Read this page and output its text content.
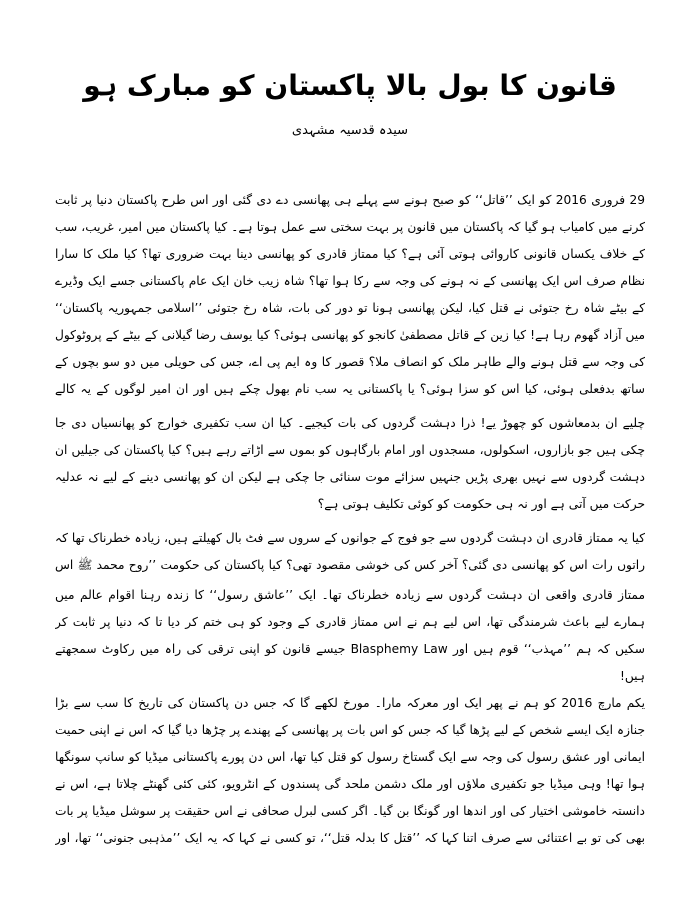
قانون کا بول بالا پاکستان کو مبارک ہو
سیدہ قدسیہ مشہدی

29 فروری 2016 کو ایک ’’قاتل‘‘ کو صبح ہونے سے پہلے ہی پھانسی دے دی گئی اور اس طرح پاکستان دنیا پر ثابت کرنے میں کامیاب ہو گیا کہ پاکستان میں قانون پر بہت سختی سے عمل ہوتا ہے۔ کیا پاکستان میں امیر، غریب، سب کے خلاف یکساں قانونی کاروائی ہوتی آئی ہے؟ کیا ممتاز قادری کو پھانسی دینا بہت ضروری تھا؟ کیا ملک کا سارا نظام صرف اس ایک پھانسی کے نہ ہونے کی وجہ سے رکا ہوا تھا؟ شاہ زیب خان ایک عام پاکستانی جسے ایک وڈیرے کے بیٹے شاہ رخ جتوئی نے قتل کیا، لیکن پھانسی ہونا تو دور کی بات، شاہ رخ جتوئی ’’اسلامی جمہوریہ پاکستان‘‘ میں آزاد گھوم رہا ہے! کیا زین کے قاتل مصطفیٰ کانجو کو پھانسی ہوئی؟ کیا یوسف رضا گیلانی کے بیٹے کے پروٹوکول کی وجہ سے قتل ہونے والے طاہر ملک کو انصاف ملا؟ قصور کا وہ ایم پی اے، جس کی حویلی میں دو سو بچوں کے ساتھ بدفعلی ہوئی، کیا اس کو سزا ہوئی؟ یا پاکستانی یہ سب نام بھول چکے ہیں اور ان امیر لوگوں کے یہ کالے

چلیے ان بدمعاشوں کو چھوڑ یے! ذرا دہشت گردوں کی بات کیجیے۔ کیا ان سب تکفیری خوارج کو پھانسیاں دی جا چکی ہیں جو بازاروں، اسکولوں، مسجدوں اور امام بارگاہوں کو بموں سے اڑاتے رہے ہیں؟ کیا پاکستان کی جیلیں ان دہشت گردوں سے نہیں بھری پڑیں جنہیں سزائے موت سنائی جا چکی ہے لیکن ان کو پھانسی دینے کے لیے نہ عدلیہ حرکت میں آتی ہے اور نہ ہی حکومت کو کوئی تکلیف ہوتی ہے؟

کیا یہ ممتاز قادری ان دہشت گردوں سے جو فوج کے جوانوں کے سروں سے فٹ بال کھیلتے ہیں، زیادہ خطرناک تھا کہ راتوں رات اس کو پھانسی دی گئی؟ آخر کس کی خوشی مقصود تھی؟ کیا پاکستان کی حکومت ’’روح محمد ﷺ اس

ممتاز قادری واقعی ان دہشت گردوں سے زیادہ خطرناک تھا۔ ایک ’’عاشق رسول‘‘ کا زندہ رہنا اقوام عالم میں ہمارے لیے باعث شرمندگی تھا، اس لیے ہم نے اس ممتاز قادری کے وجود کو ہی ختم کر دیا تا کہ دنیا پر ثابت کر سکیں کہ ہم ’’مہذب‘‘ قوم ہیں اور Blasphemy Law جیسے قانون کو اپنی ترقی کی راہ میں رکاوٹ سمجھتے ہیں!

یکم مارچ 2016 کو ہم نے پھر ایک اور معرکہ مارا۔ مورخ لکھے گا کہ جس دن پاکستان کی تاریخ کا سب سے بڑا جنازہ ایک ایسے شخص کے لیے پڑھا گیا کہ جس کو اس بات پر پھانسی کے پھندے پر چڑھا دیا گیا کہ اس نے اپنی حمیت ایمانی اور عشق رسول کی وجہ سے ایک گستاخ رسول کو قتل کیا تھا، اس دن پورے پاکستانی میڈیا کو سانپ سونگھا ہوا تھا! وہی میڈیا جو تکفیری ملاؤں اور ملک دشمن ملحد گی پسندوں کے انٹرویو، کئی کئی گھنٹے چلاتا ہے، اس نے دانستہ خاموشی اختیار کی اور اندھا اور گونگا بن گیا۔ اگر کسی لبرل صحافی نے اس حقیقت پر سوشل میڈیا پر بات بھی کی تو بے اعتنائی سے صرف اتنا کہا کہ ’’قتل کا بدلہ قتل‘‘، تو کسی نے کہا کہ یہ ایک ’’مذہبی جنونی‘‘ تھا، اور
